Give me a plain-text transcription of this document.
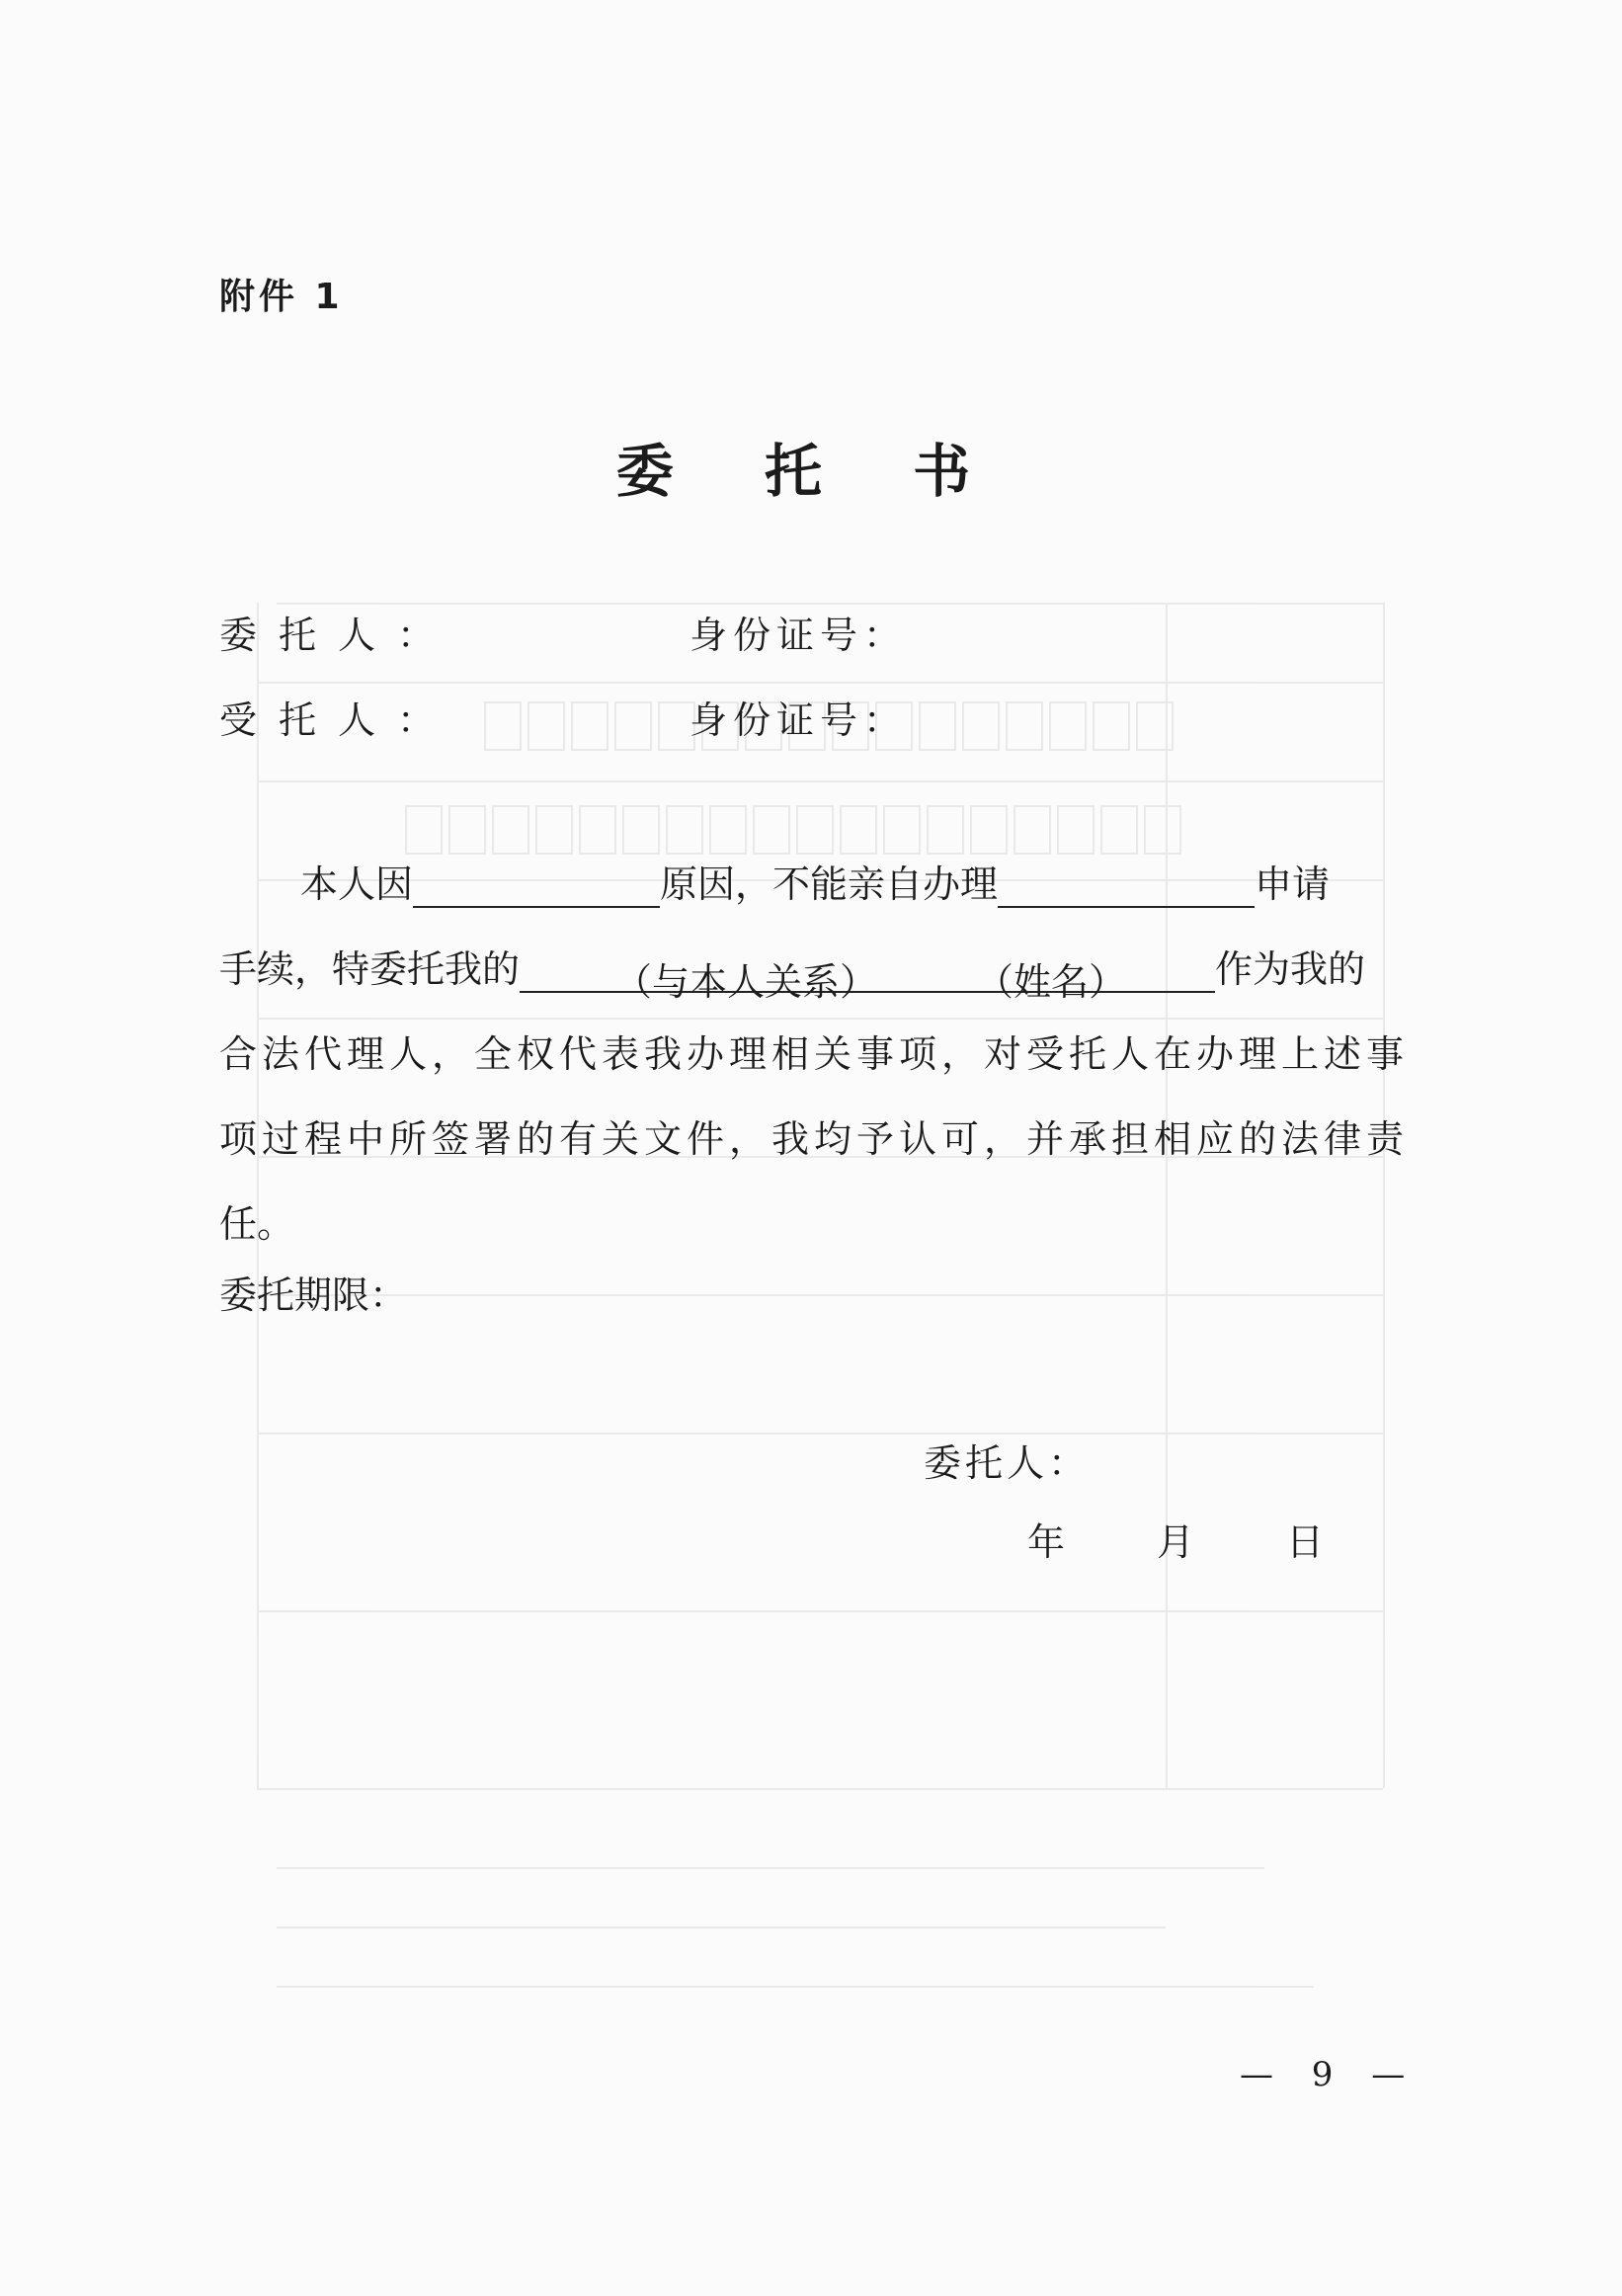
附件 1
委 托 书
委托人：	身份证号：
受托人：	身份证号：
本人因	原因，不能亲自办理	申请
手续，特委托我的	（与本人关系）	（姓名） 作为我的
合法代理人，全权代表我办理相关事项，对受托人在办理上述事
项过程中所签署的有关文件，我均予认可，并承担相应的法律责
任。
委托期限：
委托人：
年 月 日
— 9 —
